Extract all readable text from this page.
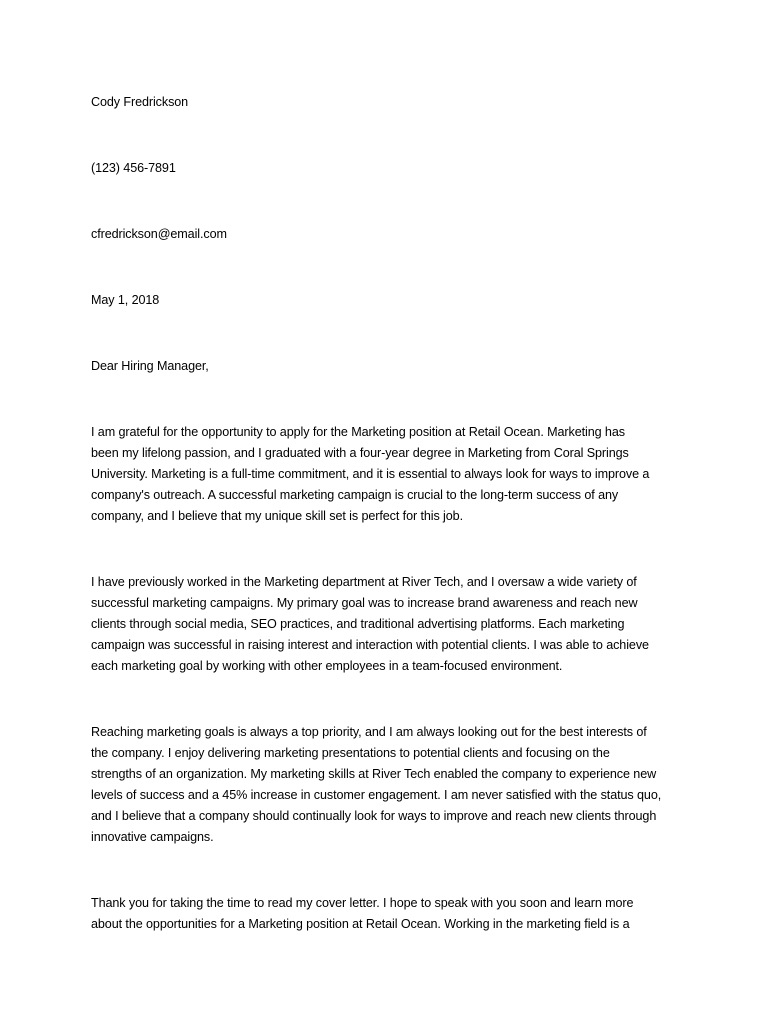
Cody Fredrickson

(123) 456-7891

cfredrickson@email.com

May 1, 2018

Dear Hiring Manager,

I am grateful for the opportunity to apply for the Marketing position at Retail Ocean. Marketing has
been my lifelong passion, and I graduated with a four-year degree in Marketing from Coral Springs
University. Marketing is a full-time commitment, and it is essential to always look for ways to improve a
company's outreach. A successful marketing campaign is crucial to the long-term success of any
company, and I believe that my unique skill set is perfect for this job.
I have previously worked in the Marketing department at River Tech, and I oversaw a wide variety of
successful marketing campaigns. My primary goal was to increase brand awareness and reach new
clients through social media, SEO practices, and traditional advertising platforms. Each marketing
campaign was successful in raising interest and interaction with potential clients. I was able to achieve
each marketing goal by working with other employees in a team-focused environment.
Reaching marketing goals is always a top priority, and I am always looking out for the best interests of
the company. I enjoy delivering marketing presentations to potential clients and focusing on the
strengths of an organization. My marketing skills at River Tech enabled the company to experience new
levels of success and a 45% increase in customer engagement. I am never satisfied with the status quo,
and I believe that a company should continually look for ways to improve and reach new clients through
innovative campaigns.
Thank you for taking the time to read my cover letter. I hope to speak with you soon and learn more
about the opportunities for a Marketing position at Retail Ocean. Working in the marketing field is a
